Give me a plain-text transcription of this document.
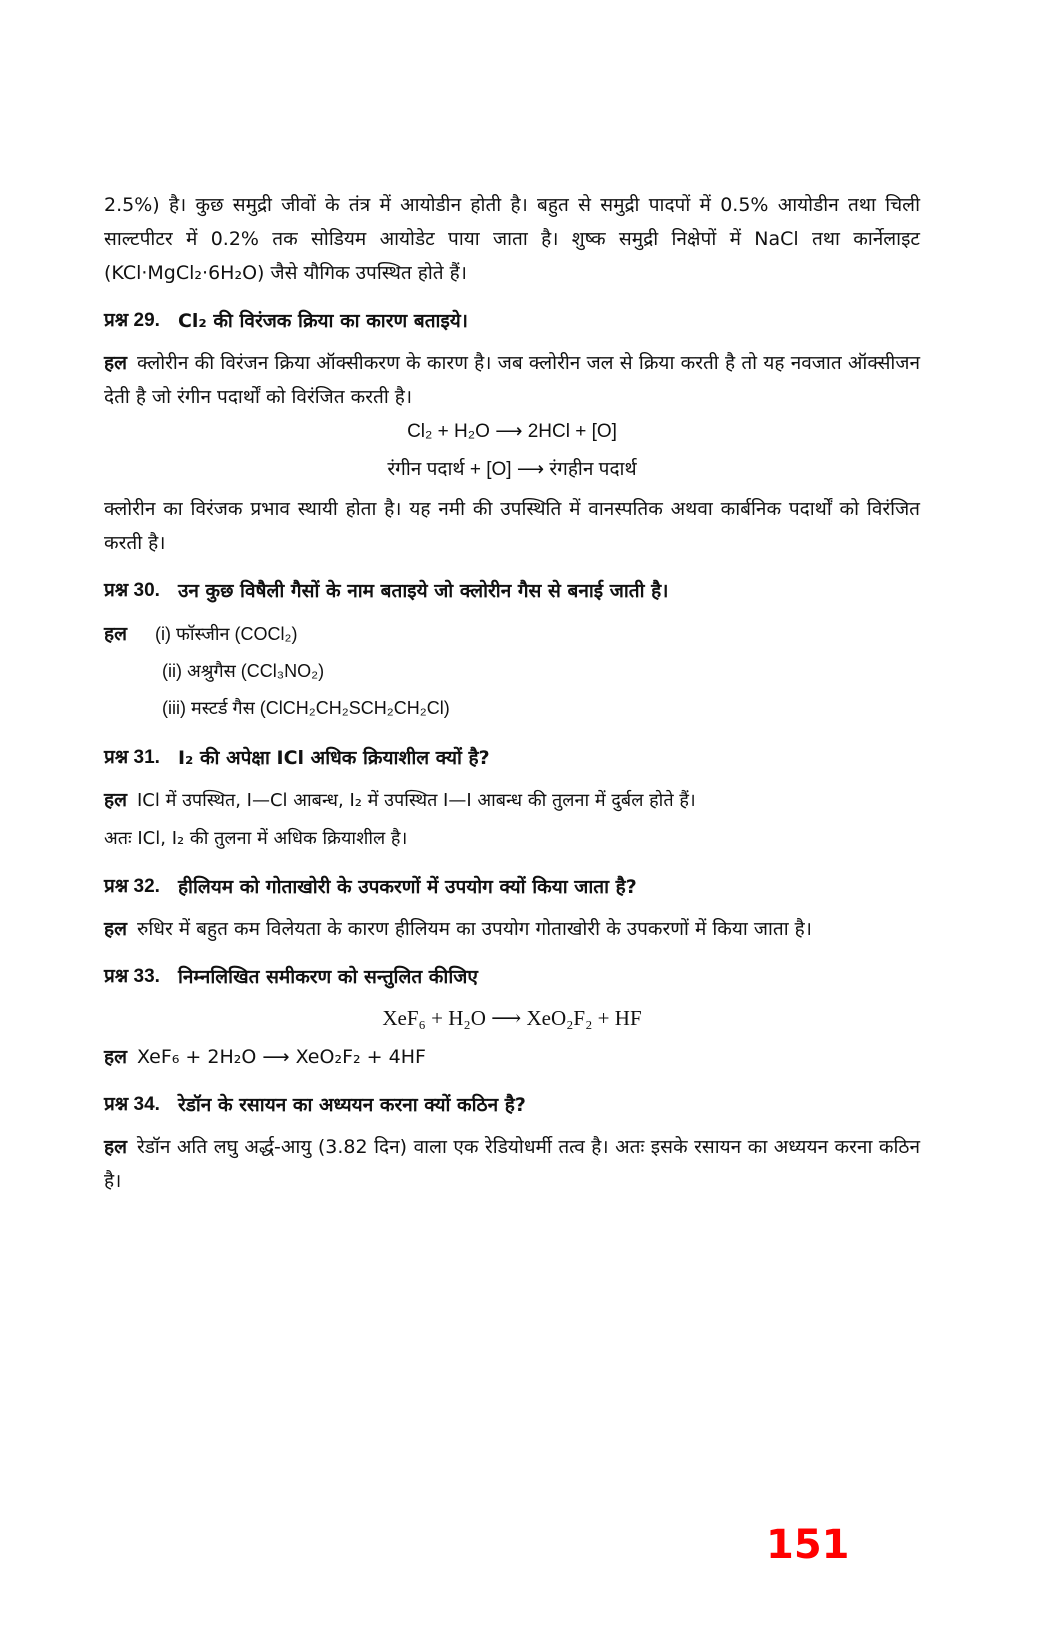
2.5%) है। कुछ समुद्री जीवों के तंत्र में आयोडीन होती है। बहुत से समुद्री पादपों में 0.5% आयोडीन तथा चिली साल्टपीटर में 0.2% तक सोडियम आयोडेट पाया जाता है। शुष्क समुद्री निक्षेपों में NaCl तथा कार्नेलाइट (KCl·MgCl₂·6H₂O) जैसे यौगिक उपस्थित होते हैं।

प्रश्न 29. Cl₂ की विरंजक क्रिया का कारण बताइये।

हल क्लोरीन की विरंजन क्रिया ऑक्सीकरण के कारण है। जब क्लोरीन जल से क्रिया करती है तो यह नवजात ऑक्सीजन देती है जो रंगीन पदार्थों को विरंजित करती है।

Cl₂ + H₂O ⟶ 2HCl + [O]
रंगीन पदार्थ + [O] ⟶ रंगहीन पदार्थ

क्लोरीन का विरंजक प्रभाव स्थायी होता है। यह नमी की उपस्थिति में वानस्पतिक अथवा कार्बनिक पदार्थों को विरंजित करती है।

प्रश्न 30. उन कुछ विषैली गैसों के नाम बताइये जो क्लोरीन गैस से बनाई जाती है।
हल (i) फॉस्जीन (COCl₂)
(ii) अश्रुगैस (CCl₃NO₂)
(iii) मस्टर्ड गैस (ClCH₂CH₂SCH₂CH₂Cl)
प्रश्न 31. I₂ की अपेक्षा ICl अधिक क्रियाशील क्यों है?

हल ICl में उपस्थित, I—Cl आबन्ध, I₂ में उपस्थित I—I आबन्ध की तुलना में दुर्बल होते हैं।

अतः ICl, I₂ की तुलना में अधिक क्रियाशील है।

प्रश्न 32. हीलियम को गोताखोरी के उपकरणों में उपयोग क्यों किया जाता है?

हल रुधिर में बहुत कम विलेयता के कारण हीलियम का उपयोग गोताखोरी के उपकरणों में किया जाता है।

प्रश्न 33. निम्नलिखित समीकरण को सन्तुलित कीजिए
XeF₆ + H₂O ⟶ XeO₂F₂ + HF

हल XeF₆ + 2H₂O ⟶ XeO₂F₂ + 4HF

प्रश्न 34. रेडॉन के रसायन का अध्ययन करना क्यों कठिन है?

हल रेडॉन अति लघु अर्द्ध-आयु (3.82 दिन) वाला एक रेडियोधर्मी तत्व है। अतः इसके रसायन का अध्ययन करना कठिन है।

151
